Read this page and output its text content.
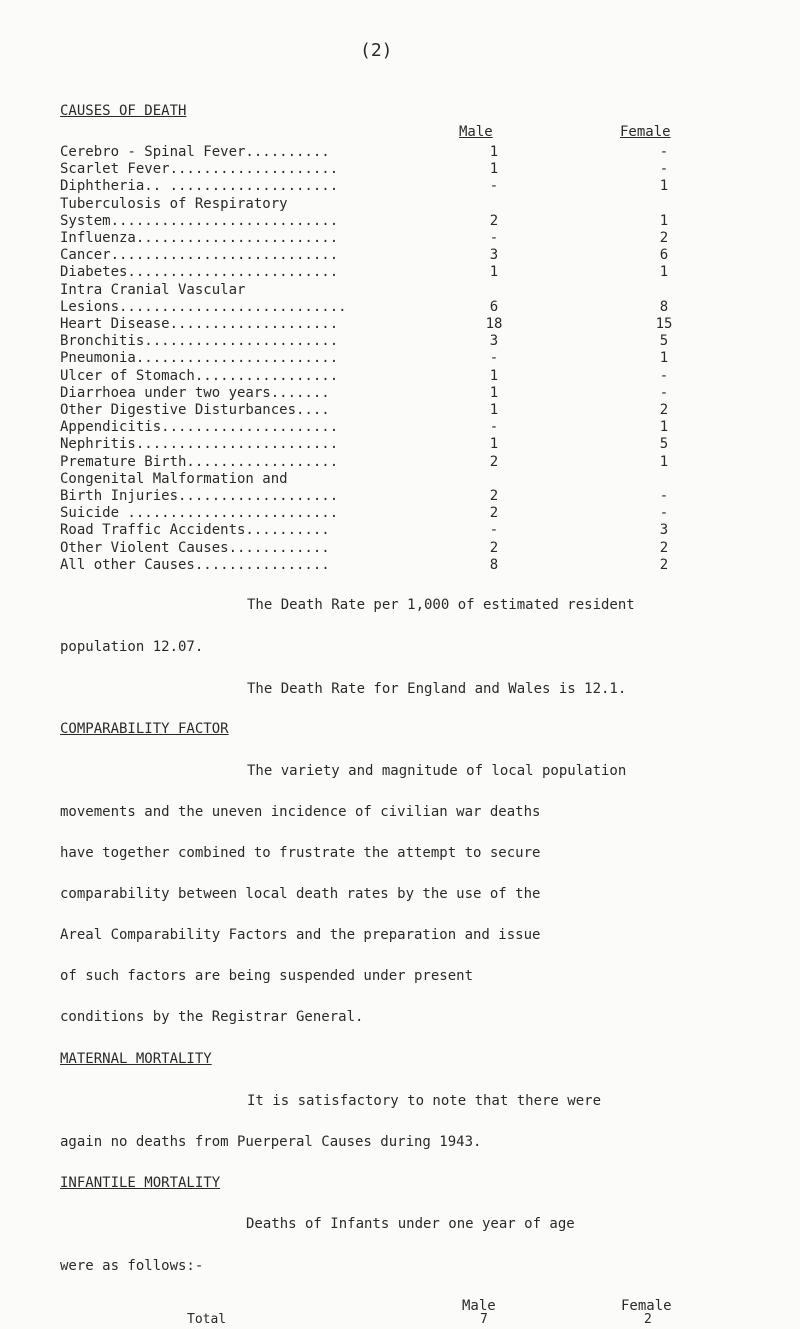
(2)
CAUSES OF DEATH
Male	Female
Cerebro - Spinal Fever..........	1		-
Scarlet Fever....................	1		-
Diphtheria.. ....................	-		1
Tuberculosis of Respiratory			
System...........................	2		1
Influenza........................	-		2
Cancer...........................	3		6
Diabetes.........................	1		1
Intra Cranial Vascular			
Lesions...........................	6		8
Heart Disease....................	18		15
Bronchitis.......................	3		5
Pneumonia........................	-		1
Ulcer of Stomach.................	1		-
Diarrhoea under two years.......	1		-
Other Digestive Disturbances....	1		2
Appendicitis.....................	-		1
Nephritis........................	1		5
Premature Birth..................	2		1
Congenital Malformation and			
Birth Injuries...................	2		-
Suicide .........................	2		-
Road Traffic Accidents..........	-		3
Other Violent Causes............	2		2
All other Causes................	8		2
The Death Rate per 1,000 of estimated resident
population 12.07.
The Death Rate for England and Wales is 12.1.
COMPARABILITY FACTOR
The variety and magnitude of local population
movements and the uneven incidence of civilian war deaths
have together combined to frustrate the attempt to secure
comparability between local death rates by the use of the
Areal Comparability Factors and the preparation and issue
of such factors are being suspended under present
conditions by the Registrar General.
MATERNAL MORTALITY
It is satisfactory to note that there were
again no deaths from Puerperal Causes during 1943.
INFANTILE MORTALITY
Deaths of Infants under one year of age
were as follows:-
Male	Female
Total	7	2
